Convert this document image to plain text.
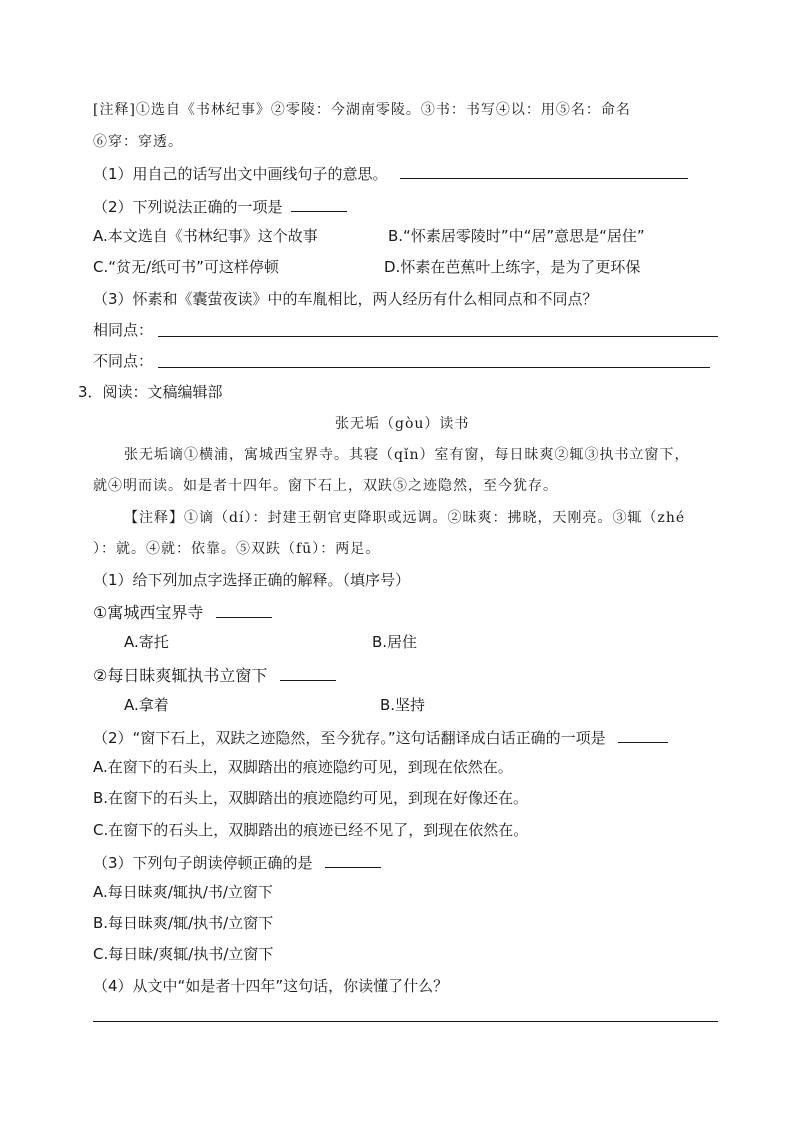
[注释]①选自《书林纪事》②零陵：今湖南零陵。③书：书写④以：用⑤名：命名
⑥穿：穿透。
（1）用自己的话写出文中画线句子的意思。
（2）下列说法正确的一项是
A.本文选自《书林纪事》这个故事	B.“怀素居零陵时”中“居”意思是“居住”
C.“贫无/纸可书”可这样停顿	D.怀素在芭蕉叶上练字，是为了更环保
（3）怀素和《囊萤夜读》中的车胤相比，两人经历有什么相同点和不同点？
相同点：
不同点：
3．阅读：文稿编辑部
张无垢（gòu）读书
张无垢谪①横浦，寓城西宝界寺。其寝（qǐn）室有窗，每日昧爽②辄③执书立窗下，
就④明而读。如是者十四年。窗下石上，双趺⑤之迹隐然，至今犹存。
【注释】①谪（dí）：封建王朝官吏降职或远调。②昧爽：拂晓，天刚亮。③辄（zhé
）：就。④就：依靠。⑤双趺（fū）：两足。
（1）给下列加点字选择正确的解释。（填序号）
①寓城西宝界寺
A.寄托	B.居住
②每日昧爽辄执书立窗下
A.拿着	B.坚持
（2）“窗下石上，双趺之迹隐然，至今犹存。”这句话翻译成白话正确的一项是
A.在窗下的石头上，双脚踏出的痕迹隐约可见，到现在依然在。
B.在窗下的石头上，双脚踏出的痕迹隐约可见，到现在好像还在。
C.在窗下的石头上，双脚踏出的痕迹已经不见了，到现在依然在。
（3）下列句子朗读停顿正确的是
A.每日昧爽/辄执/书/立窗下
B.每日昧爽/辄/执书/立窗下
C.每日昧/爽辄/执书/立窗下
（4）从文中“如是者十四年”这句话，你读懂了什么？
